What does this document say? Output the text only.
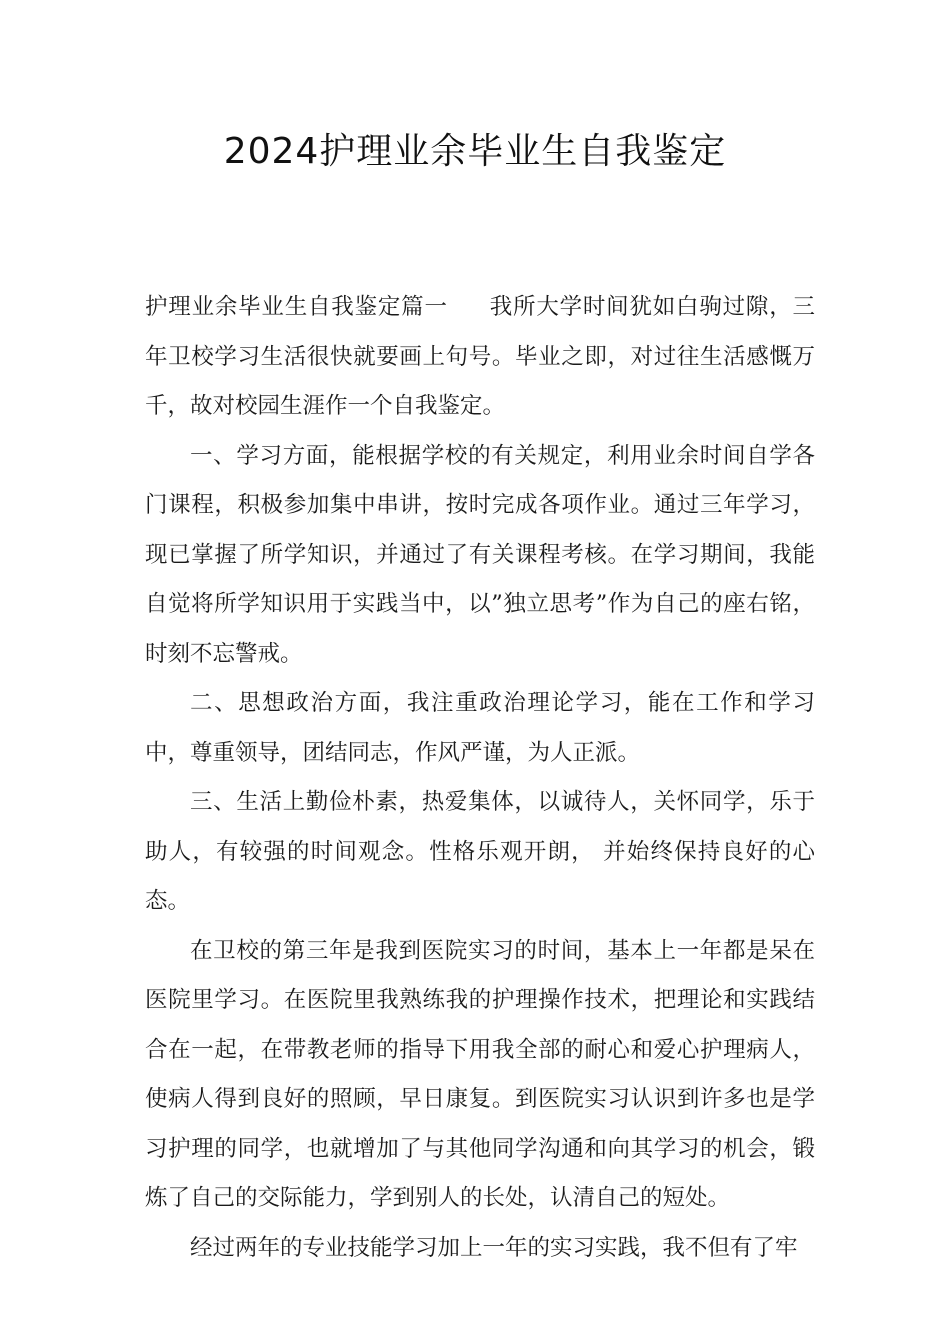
2024护理业余毕业生自我鉴定

护理业余毕业生自我鉴定篇一 我所大学时间犹如白驹过隙，三年卫校学习生活很快就要画上句号。毕业之即，对过往生活感慨万千，故对校园生涯作一个自我鉴定。

一、学习方面，能根据学校的有关规定，利用业余时间自学各门课程，积极参加集中串讲，按时完成各项作业。通过三年学习，现已掌握了所学知识，并通过了有关课程考核。在学习期间，我能自觉将所学知识用于实践当中，以”独立思考”作为自己的座右铭，时刻不忘警戒。

二、思想政治方面，我注重政治理论学习，能在工作和学习中，尊重领导，团结同志，作风严谨，为人正派。

三、生活上勤俭朴素，热爱集体，以诚待人，关怀同学，乐于助人，有较强的时间观念。性格乐观开朗， 并始终保持良好的心态。

在卫校的第三年是我到医院实习的时间，基本上一年都是呆在医院里学习。在医院里我熟练我的护理操作技术，把理论和实践结合在一起，在带教老师的指导下用我全部的耐心和爱心护理病人，使病人得到良好的照顾，早日康复。到医院实习认识到许多也是学习护理的同学，也就增加了与其他同学沟通和向其学习的机会，锻炼了自己的交际能力，学到别人的长处，认清自己的短处。

经过两年的专业技能学习加上一年的实习实践，我不但有了牢
